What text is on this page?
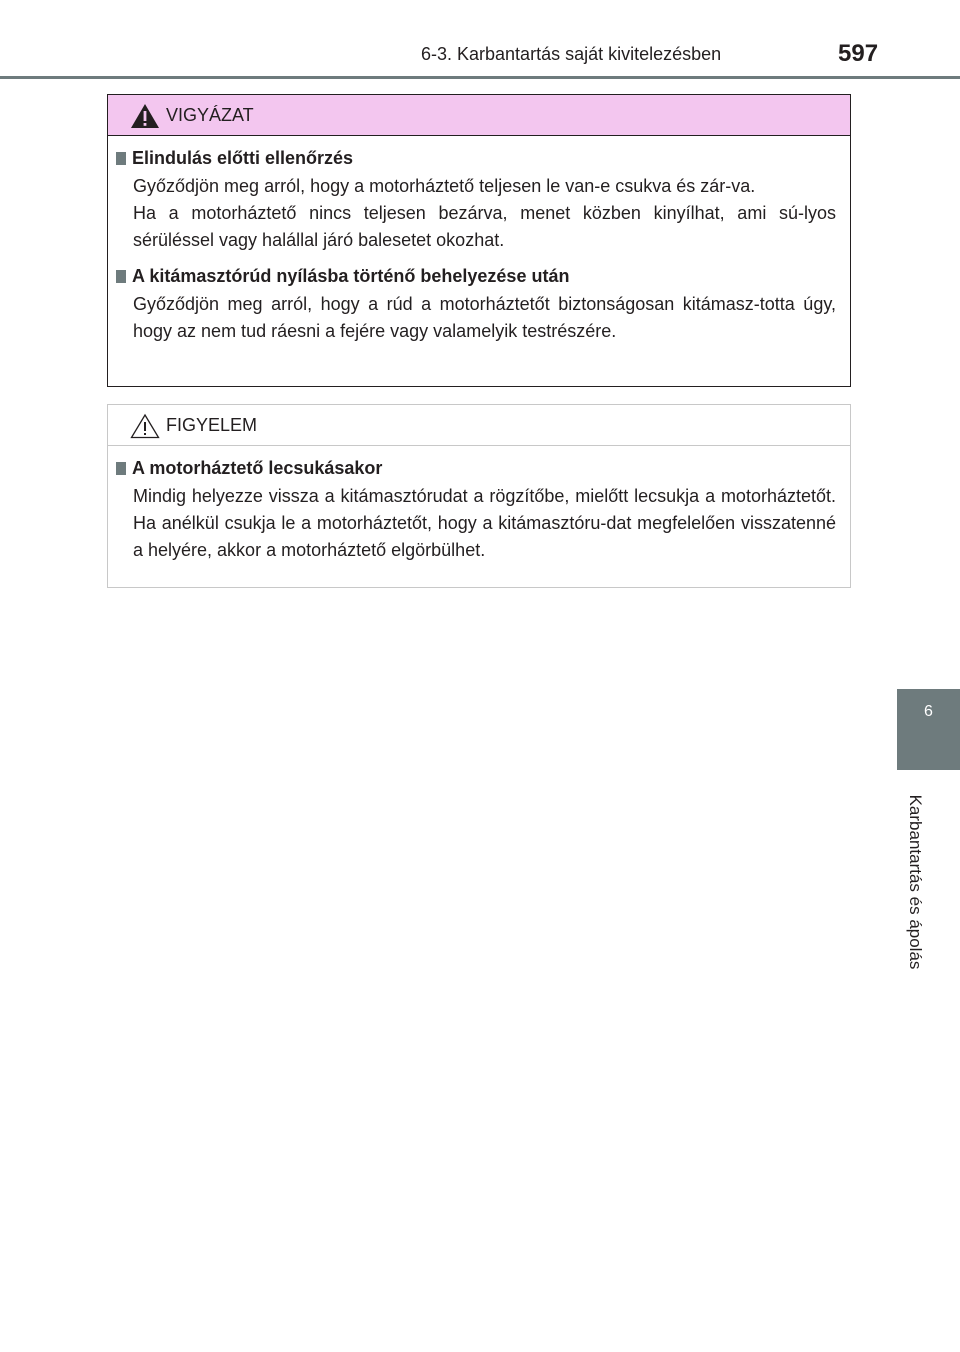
6-3. Karbantartás saját kivitelezésben	597
VIGYÁZAT
Elindulás előtti ellenőrzés

Győződjön meg arról, hogy a motorháztető teljesen le van-e csukva és zár-va.

Ha a motorháztető nincs teljesen bezárva, menet közben kinyílhat, ami sú-lyos sérüléssel vagy halállal járó balesetet okozhat.

A kitámasztórúd nyílásba történő behelyezése után

Győződjön meg arról, hogy a rúd a motorháztetőt biztonságosan kitámasz-totta úgy, hogy az nem tud ráesni a fejére vagy valamelyik testrészére.

FIGYELEM
A motorháztető lecsukásakor

Mindig helyezze vissza a kitámasztórudat a rögzítőbe, mielőtt lecsukja a motorháztetőt. Ha anélkül csukja le a motorháztetőt, hogy a kitámasztóru-dat megfelelően visszatenné a helyére, akkor a motorháztető elgörbülhet.

6
Karbantartás és ápolás
